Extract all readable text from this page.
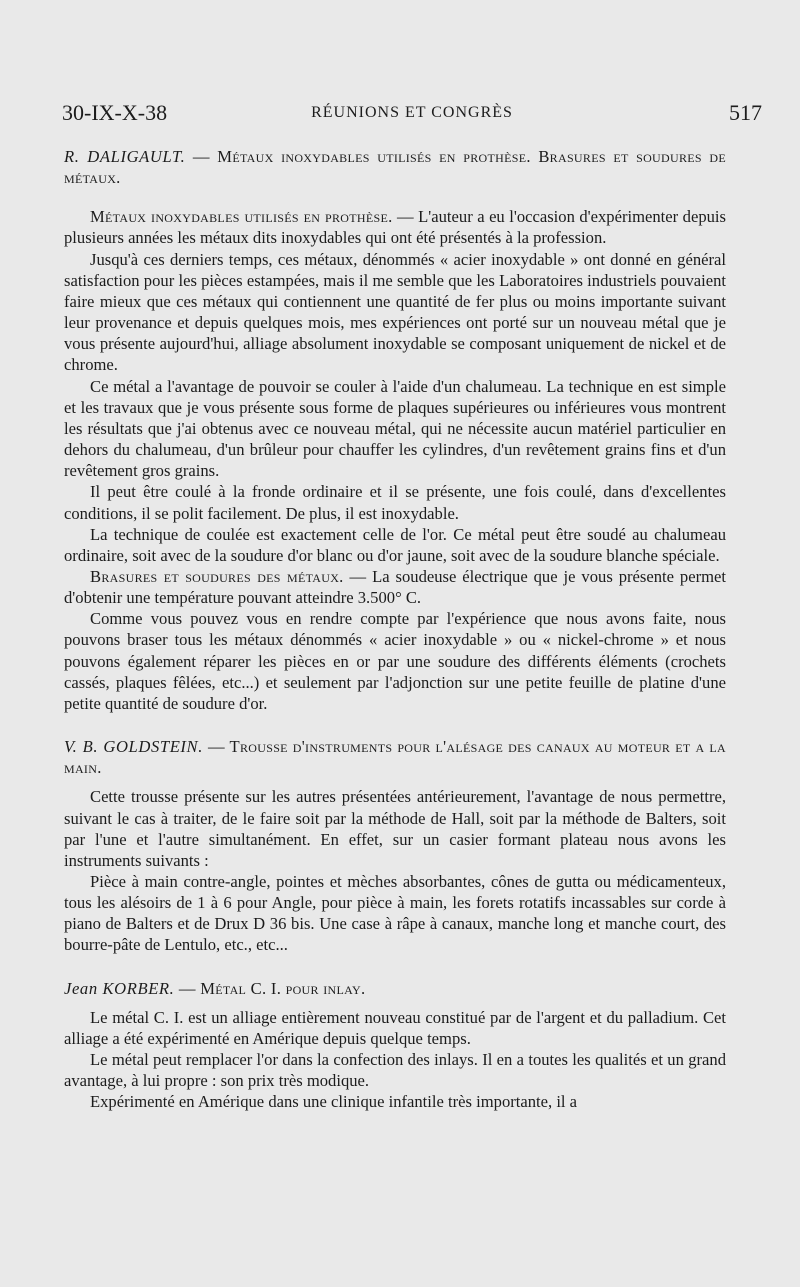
30-IX-X-38	RÉUNIONS ET CONGRÈS	517

R. DALIGAULT. — Métaux inoxydables utilisés en prothèse. Brasures et soudures de métaux.

Métaux inoxydables utilisés en prothèse. — L'auteur a eu l'occasion d'expérimenter depuis plusieurs années les métaux dits inoxydables qui ont été présentés à la profession.

Jusqu'à ces derniers temps, ces métaux, dénommés « acier inoxydable » ont donné en général satisfaction pour les pièces estampées, mais il me semble que les Laboratoires industriels pouvaient faire mieux que ces métaux qui contiennent une quantité de fer plus ou moins importante suivant leur provenance et depuis quelques mois, mes expériences ont porté sur un nouveau métal que je vous présente aujourd'hui, alliage absolument inoxydable se composant uniquement de nickel et de chrome.

Ce métal a l'avantage de pouvoir se couler à l'aide d'un chalumeau. La technique en est simple et les travaux que je vous présente sous forme de plaques supérieures ou inférieures vous montrent les résultats que j'ai obtenus avec ce nouveau métal, qui ne nécessite aucun matériel particulier en dehors du chalumeau, d'un brûleur pour chauffer les cylindres, d'un revêtement grains fins et d'un revêtement gros grains.

Il peut être coulé à la fronde ordinaire et il se présente, une fois coulé, dans d'excellentes conditions, il se polit facilement. De plus, il est inoxydable.

La technique de coulée est exactement celle de l'or. Ce métal peut être soudé au chalumeau ordinaire, soit avec de la soudure d'or blanc ou d'or jaune, soit avec de la soudure blanche spéciale.

Brasures et soudures des métaux. — La soudeuse électrique que je vous présente permet d'obtenir une température pouvant atteindre 3.500° C.

Comme vous pouvez vous en rendre compte par l'expérience que nous avons faite, nous pouvons braser tous les métaux dénommés « acier inoxydable » ou « nickel-chrome » et nous pouvons également réparer les pièces en or par une soudure des différents éléments (crochets cassés, plaques fêlées, etc...) et seulement par l'adjonction sur une petite feuille de platine d'une petite quantité de soudure d'or.

V. B. GOLDSTEIN. — Trousse d'instruments pour l'alésage des canaux au moteur et a la main.

Cette trousse présente sur les autres présentées antérieurement, l'avantage de nous permettre, suivant le cas à traiter, de le faire soit par la méthode de Hall, soit par la méthode de Balters, soit par l'une et l'autre simultanément. En effet, sur un casier formant plateau nous avons les instruments suivants :

Pièce à main contre-angle, pointes et mèches absorbantes, cônes de gutta ou médicamenteux, tous les alésoirs de 1 à 6 pour Angle, pour pièce à main, les forets rotatifs incassables sur corde à piano de Balters et de Drux D 36 bis. Une case à râpe à canaux, manche long et manche court, des bourre-pâte de Lentulo, etc., etc...

Jean KORBER. — Métal C. I. pour inlay.

Le métal C. I. est un alliage entièrement nouveau constitué par de l'argent et du palladium. Cet alliage a été expérimenté en Amérique depuis quelque temps.

Le métal peut remplacer l'or dans la confection des inlays. Il en a toutes les qualités et un grand avantage, à lui propre : son prix très modique.

Expérimenté en Amérique dans une clinique infantile très importante, il a
